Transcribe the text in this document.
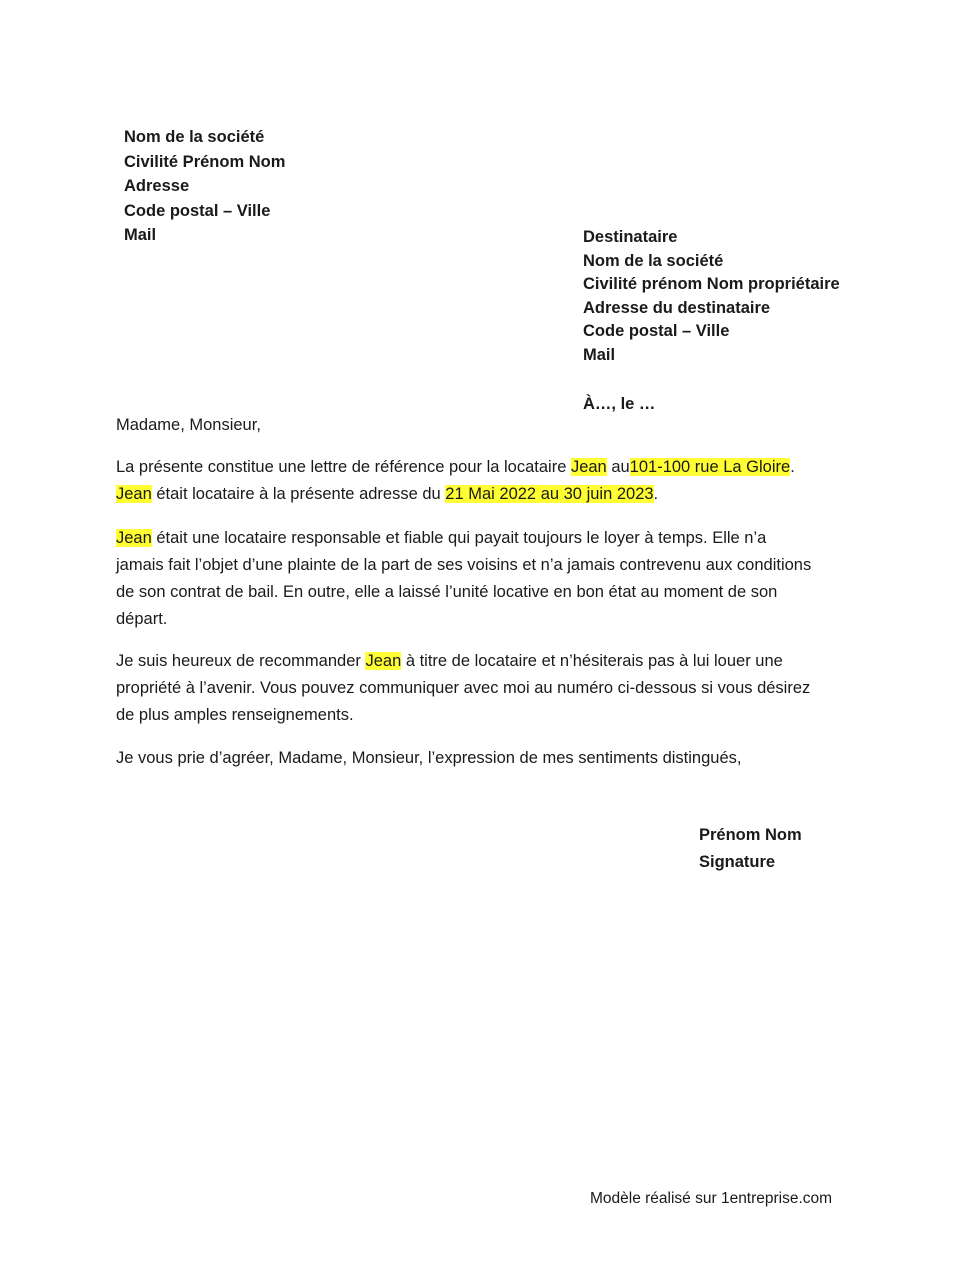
Nom de la société
Civilité Prénom Nom
Adresse
Code postal – Ville
Mail	Destinataire
Nom de la société
Civilité prénom Nom propriétaire
Adresse du destinataire
Code postal – Ville
Mail
À…, le …
Madame, Monsieur,
La présente constitue une lettre de référence pour la locataire Jean au101-100 rue La Gloire.
Jean était locataire à la présente adresse du 21 Mai 2022 au 30 juin 2023.
Jean était une locataire responsable et fiable qui payait toujours le loyer à temps. Elle n’a
jamais fait l’objet d’une plainte de la part de ses voisins et n’a jamais contrevenu aux conditions
de son contrat de bail. En outre, elle a laissé l’unité locative en bon état au moment de son
départ.
Je suis heureux de recommander Jean à titre de locataire et n’hésiterais pas à lui louer une
propriété à l’avenir. Vous pouvez communiquer avec moi au numéro ci-dessous si vous désirez
de plus amples renseignements.
Je vous prie d’agréer, Madame, Monsieur, l’expression de mes sentiments distingués,
Prénom Nom
Signature
Modèle réalisé sur 1entreprise.com
